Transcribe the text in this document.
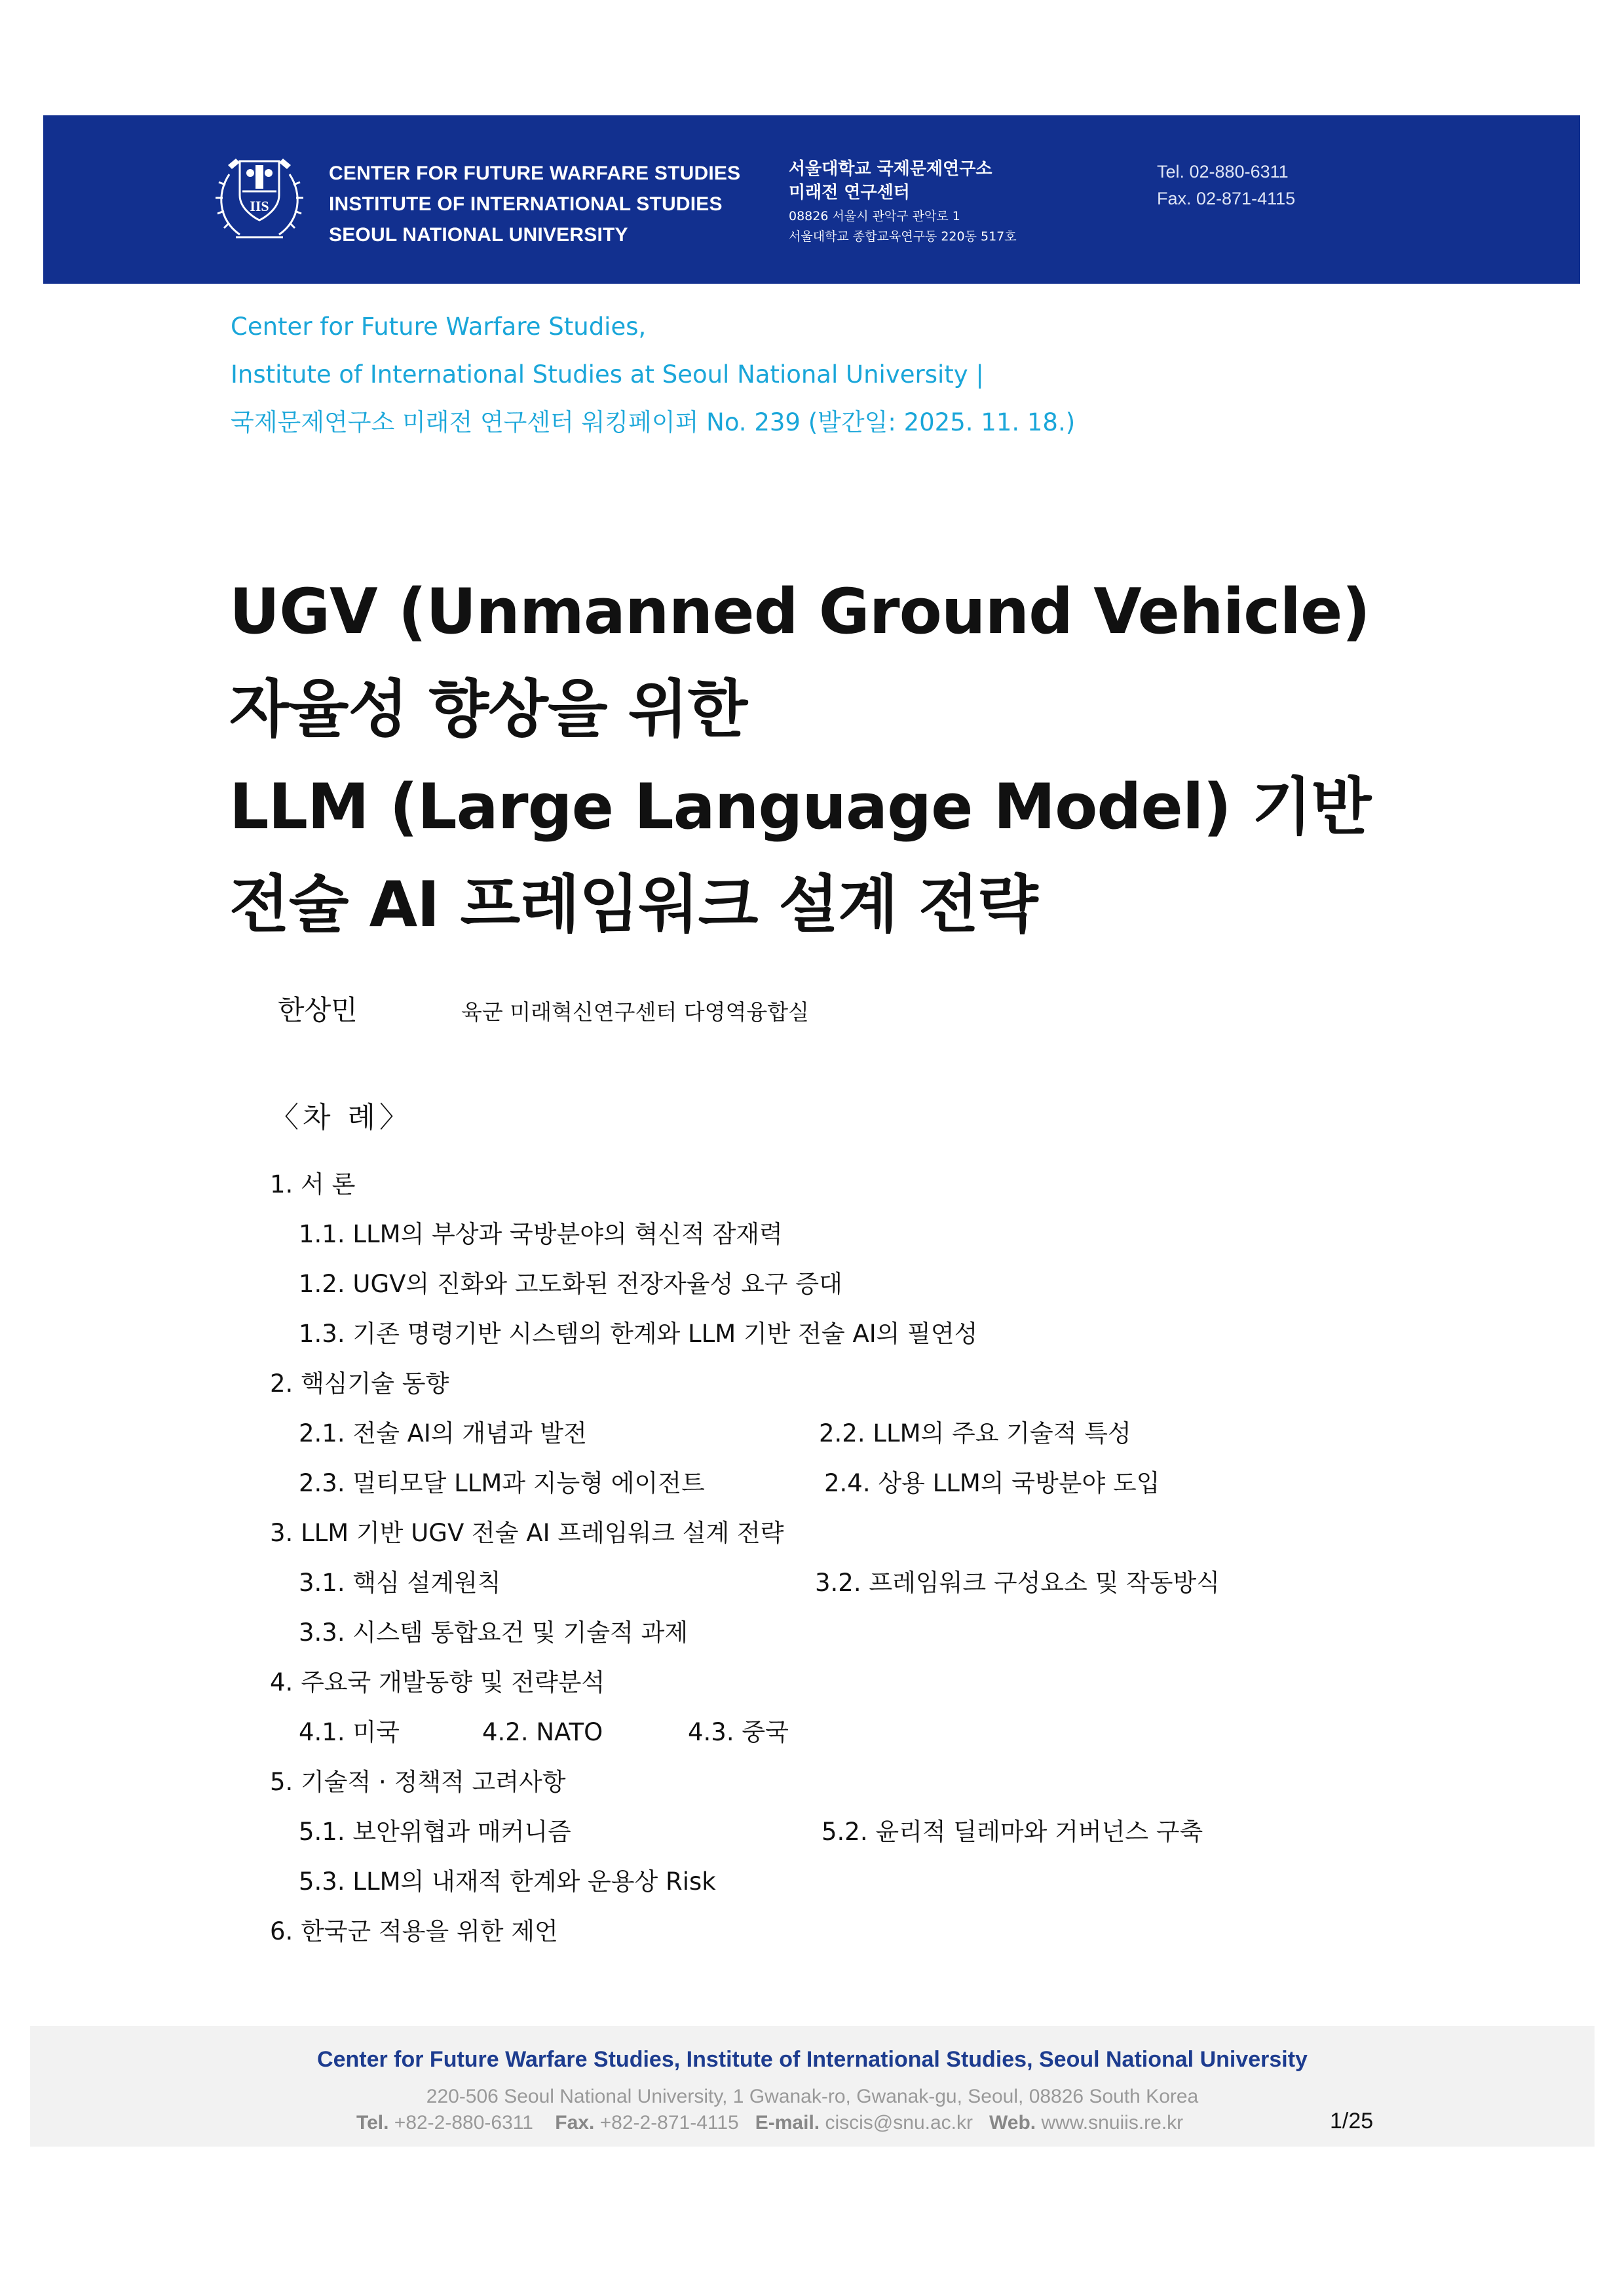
IIS
CENTER FOR FUTURE WARFARE STUDIES
INSTITUTE OF INTERNATIONAL STUDIES
SEOUL NATIONAL UNIVERSITY
서울대학교 국제문제연구소
미래전 연구센터
08826 서울시 관악구 관악로 1
서울대학교 종합교육연구동 220동 517호
Tel. 02-880-6311
Fax. 02-871-4115
Center for Future Warfare Studies,
Institute of International Studies at Seoul National University |
국제문제연구소 미래전 연구센터 워킹페이퍼 No. 239 (발간일: 2025. 11. 18.)
UGV (Unmanned Ground Vehicle)
자율성 향상을 위한
LLM (Large Language Model) 기반
전술 AI 프레임워크 설계 전략
한상민	육군 미래혁신연구센터 다영역융합실
〈차 례〉
1. 서 론
1.1. LLM의 부상과 국방분야의 혁신적 잠재력
1.2. UGV의 진화와 고도화된 전장자율성 요구 증대
1.3. 기존 명령기반 시스템의 한계와 LLM 기반 전술 AI의 필연성
2. 핵심기술 동향
2.1. 전술 AI의 개념과 발전	2.2. LLM의 주요 기술적 특성
2.3. 멀티모달 LLM과 지능형 에이전트	2.4. 상용 LLM의 국방분야 도입
3. LLM 기반 UGV 전술 AI 프레임워크 설계 전략
3.1. 핵심 설계원칙	3.2. 프레임워크 구성요소 및 작동방식
3.3. 시스템 통합요건 및 기술적 과제
4. 주요국 개발동향 및 전략분석
4.1. 미국	4.2. NATO	4.3. 중국
5. 기술적 · 정책적 고려사항
5.1. 보안위협과 매커니즘	5.2. 윤리적 딜레마와 거버넌스 구축
5.3. LLM의 내재적 한계와 운용상 Risk
6. 한국군 적용을 위한 제언
Center for Future Warfare Studies, Institute of International Studies, Seoul National University
220-506 Seoul National University, 1 Gwanak-ro, Gwanak-gu, Seoul, 08826 South Korea
Tel. +82-2-880-6311 Fax. +82-2-871-4115 E-mail. ciscis@snu.ac.kr Web. www.snuiis.re.kr	1/25
